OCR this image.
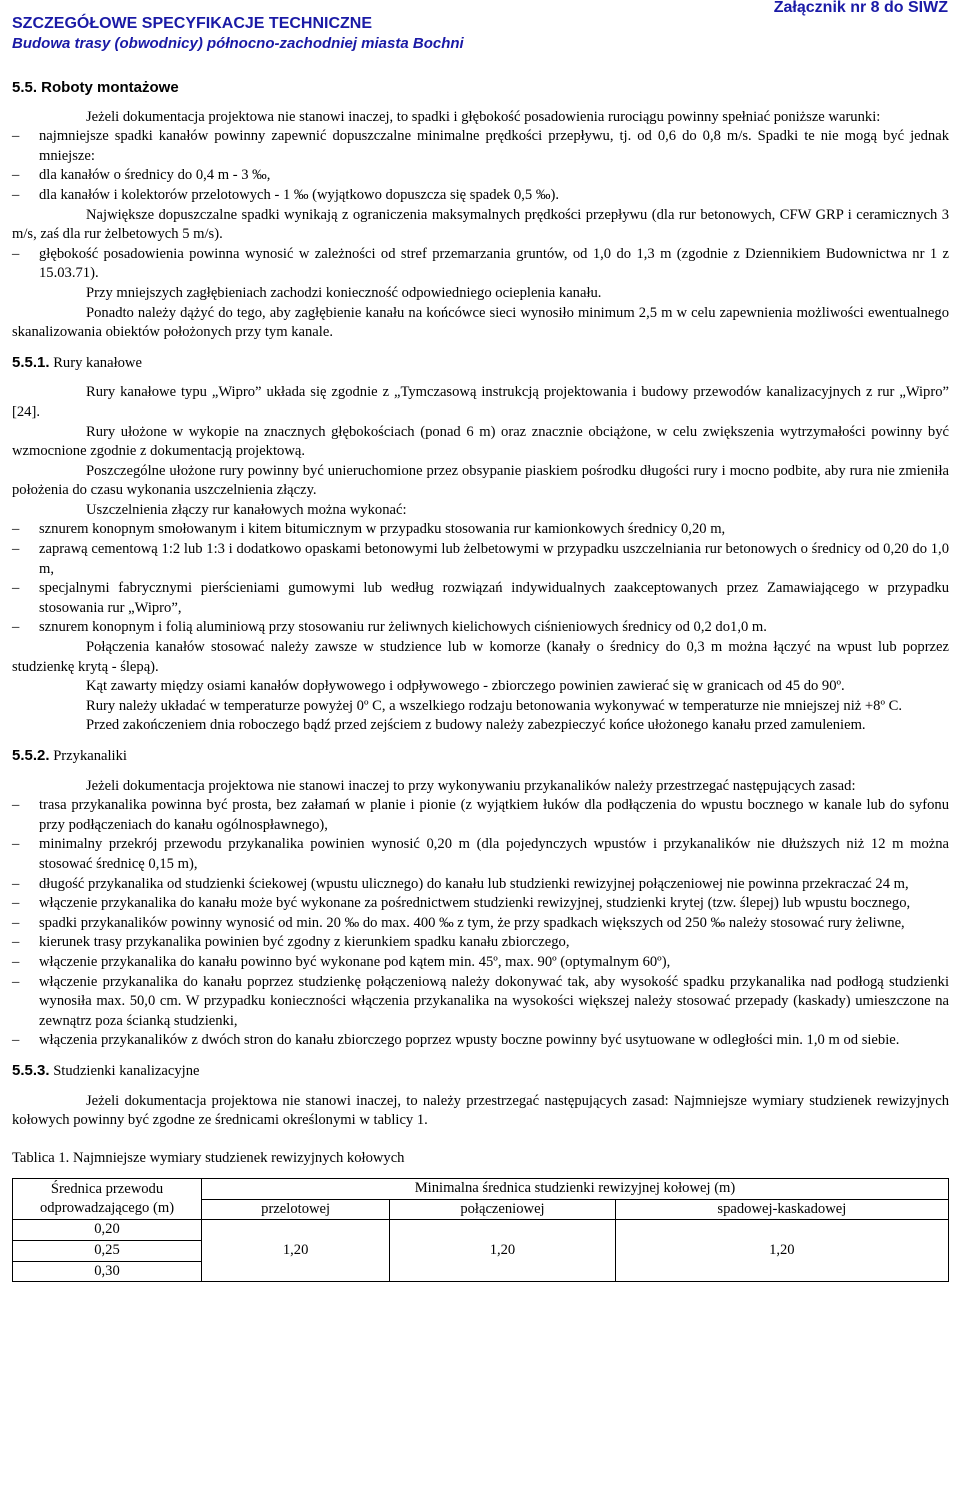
SZCZEGÓŁOWE SPECYFIKACJE TECHNICZNE
Budowa trasy (obwodnicy) północno-zachodniej miasta Bochni
Załącznik nr 8 do SIWZ
5.5. Roboty montażowe

Jeżeli dokumentacja projektowa nie stanowi inaczej, to spadki i głębokość posadowienia rurociągu powinny spełniać poniższe warunki:

– najmniejsze spadki kanałów powinny zapewnić dopuszczalne minimalne prędkości przepływu, tj. od 0,6 do 0,8 m/s. Spadki te nie mogą być jednak mniejsze:
– dla kanałów o średnicy do 0,4 m - 3 ‰,
– dla kanałów i kolektorów przelotowych - 1 ‰ (wyjątkowo dopuszcza się spadek 0,5 ‰).

Największe dopuszczalne spadki wynikają z ograniczenia maksymalnych prędkości przepływu (dla rur betonowych, CFW GRP i ceramicznych 3 m/s, zaś dla rur żelbetowych 5 m/s).

– głębokość posadowienia powinna wynosić w zależności od stref przemarzania gruntów, od 1,0 do 1,3 m (zgodnie z Dziennikiem Budownictwa nr 1 z 15.03.71).

Przy mniejszych zagłębieniach zachodzi konieczność odpowiedniego ocieplenia kanału.

Ponadto należy dążyć do tego, aby zagłębienie kanału na końcówce sieci wynosiło minimum 2,5 m w celu zapewnienia możliwości ewentualnego skanalizowania obiektów położonych przy tym kanale.

5.5.1. Rury kanałowe

Rury kanałowe typu „Wipro” układa się zgodnie z „Tymczasową instrukcją projektowania i budowy przewodów kanalizacyjnych z rur „Wipro” [24].

Rury ułożone w wykopie na znacznych głębokościach (ponad 6 m) oraz znacznie obciążone, w celu zwiększenia wytrzymałości powinny być wzmocnione zgodnie z dokumentacją projektową.

Poszczególne ułożone rury powinny być unieruchomione przez obsypanie piaskiem pośrodku długości rury i mocno podbite, aby rura nie zmieniła położenia do czasu wykonania uszczelnienia złączy.

Uszczelnienia złączy rur kanałowych można wykonać:

– sznurem konopnym smołowanym i kitem bitumicznym w przypadku stosowania rur kamionkowych średnicy 0,20 m,
– zaprawą cementową 1:2 lub 1:3 i dodatkowo opaskami betonowymi lub żelbetowymi w przypadku uszczelniania rur betonowych o średnicy od 0,20 do 1,0 m,
– specjalnymi fabrycznymi pierścieniami gumowymi lub według rozwiązań indywidualnych zaakceptowanych przez Zamawiającego w przypadku stosowania rur „Wipro”,
– sznurem konopnym i folią aluminiową przy stosowaniu rur żeliwnych kielichowych ciśnieniowych średnicy od 0,2 do1,0 m.

Połączenia kanałów stosować należy zawsze w studzience lub w komorze (kanały o średnicy do 0,3 m można łączyć na wpust lub poprzez studzienkę krytą - ślepą).

Kąt zawarty między osiami kanałów dopływowego i odpływowego - zbiorczego powinien zawierać się w granicach od 45 do 90º.

Rury należy układać w temperaturze powyżej 0º C, a wszelkiego rodzaju betonowania wykonywać w temperaturze nie mniejszej niż +8º C.

Przed zakończeniem dnia roboczego bądź przed zejściem z budowy należy zabezpieczyć końce ułożonego kanału przed zamuleniem.

5.5.2. Przykanaliki

Jeżeli dokumentacja projektowa nie stanowi inaczej to przy wykonywaniu przykanalików należy przestrzegać następujących zasad:

– trasa przykanalika powinna być prosta, bez załamań w planie i pionie (z wyjątkiem łuków dla podłączenia do wpustu bocznego w kanale lub do syfonu przy podłączeniach do kanału ogólnospławnego),
– minimalny przekrój przewodu przykanalika powinien wynosić 0,20 m (dla pojedynczych wpustów i przykanalików nie dłuższych niż 12 m można stosować średnicę 0,15 m),
– długość przykanalika od studzienki ściekowej (wpustu ulicznego) do kanału lub studzienki rewizyjnej połączeniowej nie powinna przekraczać 24 m,
– włączenie przykanalika do kanału może być wykonane za pośrednictwem studzienki rewizyjnej, studzienki krytej (tzw. ślepej) lub wpustu bocznego,
– spadki przykanalików powinny wynosić od min. 20 ‰ do max. 400 ‰ z tym, że przy spadkach większych od 250 ‰ należy stosować rury żeliwne,
– kierunek trasy przykanalika powinien być zgodny z kierunkiem spadku kanału zbiorczego,
– włączenie przykanalika do kanału powinno być wykonane pod kątem min. 45º, max. 90º (optymalnym 60º),
– włączenie przykanalika do kanału poprzez studzienkę połączeniową należy dokonywać tak, aby wysokość spadku przykanalika nad podłogą studzienki wynosiła max. 50,0 cm. W przypadku konieczności włączenia przykanalika na wysokości większej należy stosować przepady (kaskady) umieszczone na zewnątrz poza ścianką studzienki,
– włączenia przykanalików z dwóch stron do kanału zbiorczego poprzez wpusty boczne powinny być usytuowane w odległości min. 1,0 m od siebie.
5.5.3. Studzienki kanalizacyjne

Jeżeli dokumentacja projektowa nie stanowi inaczej, to należy przestrzegać następujących zasad: Najmniejsze wymiary studzienek rewizyjnych kołowych powinny być zgodne ze średnicami określonymi w tablicy 1.

Tablica 1. Najmniejsze wymiary studzienek rewizyjnych kołowych
Średnica przewodu odprowadzającego (m)	Minimalna średnica studzienki rewizyjnej kołowej (m)		
	przelotowej	połączeniowej	spadowej-kaskadowej
0,20	1,20	1,20	1,20
0,25			
0,30			
